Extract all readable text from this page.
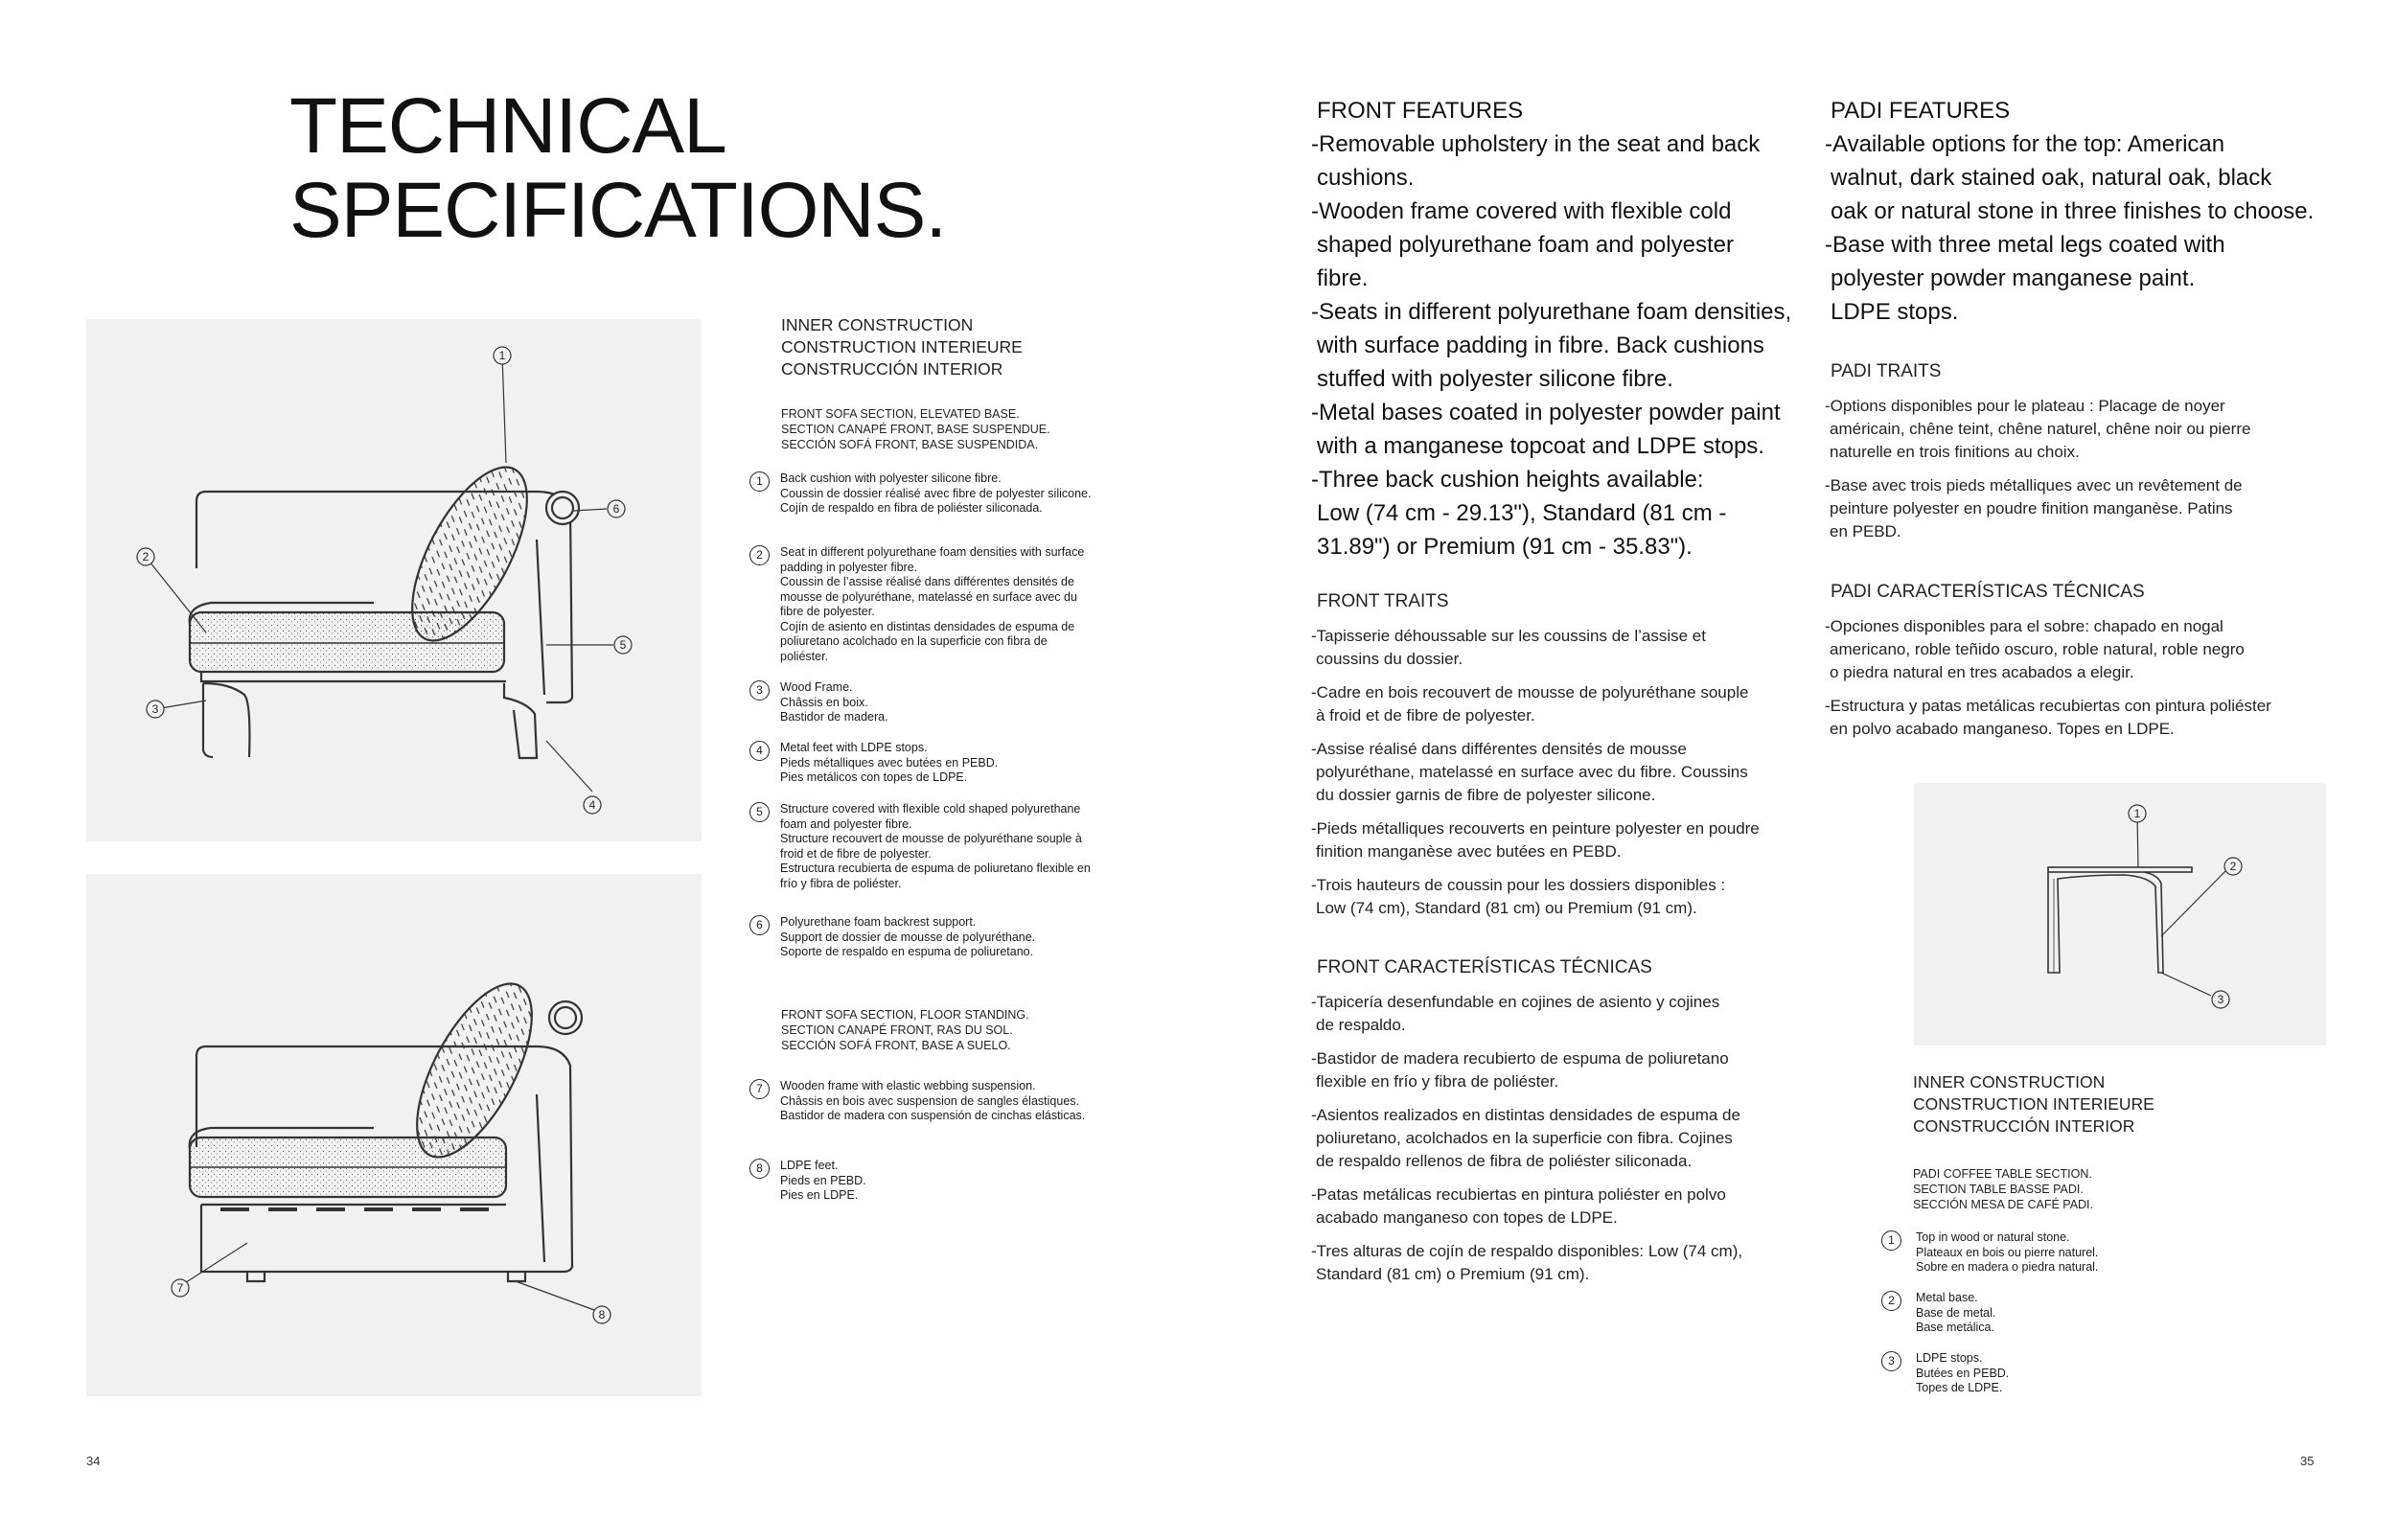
TECHNICAL
SPECIFICATIONS.
1
2
3
4
5
6
7
8
INNER CONSTRUCTION
CONSTRUCTION INTERIEURE
CONSTRUCCIÓN INTERIOR
FRONT SOFA SECTION, ELEVATED BASE.
SECTION CANAPÉ FRONT, BASE SUSPENDUE.
SECCIÓN SOFÁ FRONT, BASE SUSPENDIDA.
1	Back cushion with polyester silicone fibre.
Coussin de dossier réalisé avec fibre de polyester silicone.
Cojín de respaldo en fibra de poliéster siliconada.
2	Seat in different polyurethane foam densities with surface padding in polyester fibre.
Coussin de l’assise réalisé dans différentes densités de mousse de polyuréthane, matelassé en surface avec du fibre de polyester.
Cojín de asiento en distintas densidades de espuma de poliuretano acolchado en la superficie con fibra de poliéster.
3	Wood Frame.
Châssis en boix.
Bastidor de madera.
4	Metal feet with LDPE stops.
Pieds métalliques avec butées en PEBD.
Pies metálicos con topes de LDPE.
5	Structure covered with flexible cold shaped polyurethane foam and polyester fibre.
Structure recouvert de mousse de polyuréthane souple à froid et de fibre de polyester.
Estructura recubierta de espuma de poliuretano flexible en frío y fibra de poliéster.
6	Polyurethane foam backrest support.
Support de dossier de mousse de polyuréthane.
Soporte de respaldo en espuma de poliuretano.
FRONT SOFA SECTION, FLOOR STANDING.
SECTION CANAPÉ FRONT, RAS DU SOL.
SECCIÓN SOFÁ FRONT, BASE A SUELO.
7	Wooden frame with elastic webbing suspension.
Châssis en bois avec suspension de sangles élastiques. Bastidor de madera con suspensión de cinchas elásticas.
8	LDPE feet.
Pieds en PEBD.
Pies en LDPE.
FRONT FEATURES
-Removable upholstery in the seat and back
cushions.
-Wooden frame covered with flexible cold
shaped polyurethane foam and polyester
fibre.
-Seats in different polyurethane foam densities,
with surface padding in fibre. Back cushions
stuffed with polyester silicone fibre.
-Metal bases coated in polyester powder paint
with a manganese topcoat and LDPE stops.
-Three back cushion heights available:
Low (74 cm - 29.13"), Standard (81 cm -
31.89") or Premium (91 cm - 35.83").
FRONT TRAITS
-Tapisserie déhoussable sur les coussins de l’assise et
coussins du dossier.
-Cadre en bois recouvert de mousse de polyuréthane souple
à froid et de fibre de polyester.
-Assise réalisé dans différentes densités de mousse
polyuréthane, matelassé en surface avec du fibre. Coussins
du dossier garnis de fibre de polyester silicone.
-Pieds métalliques recouverts en peinture polyester en poudre
finition manganèse avec butées en PEBD.
-Trois hauteurs de coussin pour les dossiers disponibles :
Low (74 cm), Standard (81 cm) ou Premium (91 cm).
FRONT CARACTERÍSTICAS TÉCNICAS
-Tapicería desenfundable en cojines de asiento y cojines
de respaldo.
-Bastidor de madera recubierto de espuma de poliuretano
flexible en frío y fibra de poliéster.
-Asientos realizados en distintas densidades de espuma de
poliuretano, acolchados en la superficie con fibra. Cojines
de respaldo rellenos de fibra de poliéster siliconada.
-Patas metálicas recubiertas en pintura poliéster en polvo
acabado manganeso con topes de LDPE.
-Tres alturas de cojín de respaldo disponibles: Low (74 cm),
Standard (81 cm) o Premium (91 cm).
PADI FEATURES
-Available options for the top: American
walnut, dark stained oak, natural oak, black
oak or natural stone in three finishes to choose.
-Base with three metal legs coated with
polyester powder manganese paint.
LDPE stops.
PADI TRAITS
-Options disponibles pour le plateau : Placage de noyer
américain, chêne teint, chêne naturel, chêne noir ou pierre
naturelle en trois finitions au choix.
-Base avec trois pieds métalliques avec un revêtement de
peinture polyester en poudre finition manganèse. Patins
en PEBD.
PADI CARACTERÍSTICAS TÉCNICAS
-Opciones disponibles para el sobre: chapado en nogal
americano, roble teñido oscuro, roble natural, roble negro
o piedra natural en tres acabados a elegir.
-Estructura y patas metálicas recubiertas con pintura poliéster
en polvo acabado manganeso. Topes en LDPE.
1
2
3
INNER CONSTRUCTION
CONSTRUCTION INTERIEURE
CONSTRUCCIÓN INTERIOR
PADI COFFEE TABLE SECTION.
SECTION TABLE BASSE PADI.
SECCIÓN MESA DE CAFÉ PADI.
1	Top in wood or natural stone.
Plateaux en bois ou pierre naturel.
Sobre en madera o piedra natural.
2	Metal base.
Base de metal.
Base metálica.
3	LDPE stops.
Butées en PEBD.
Topes de LDPE.
34	35
